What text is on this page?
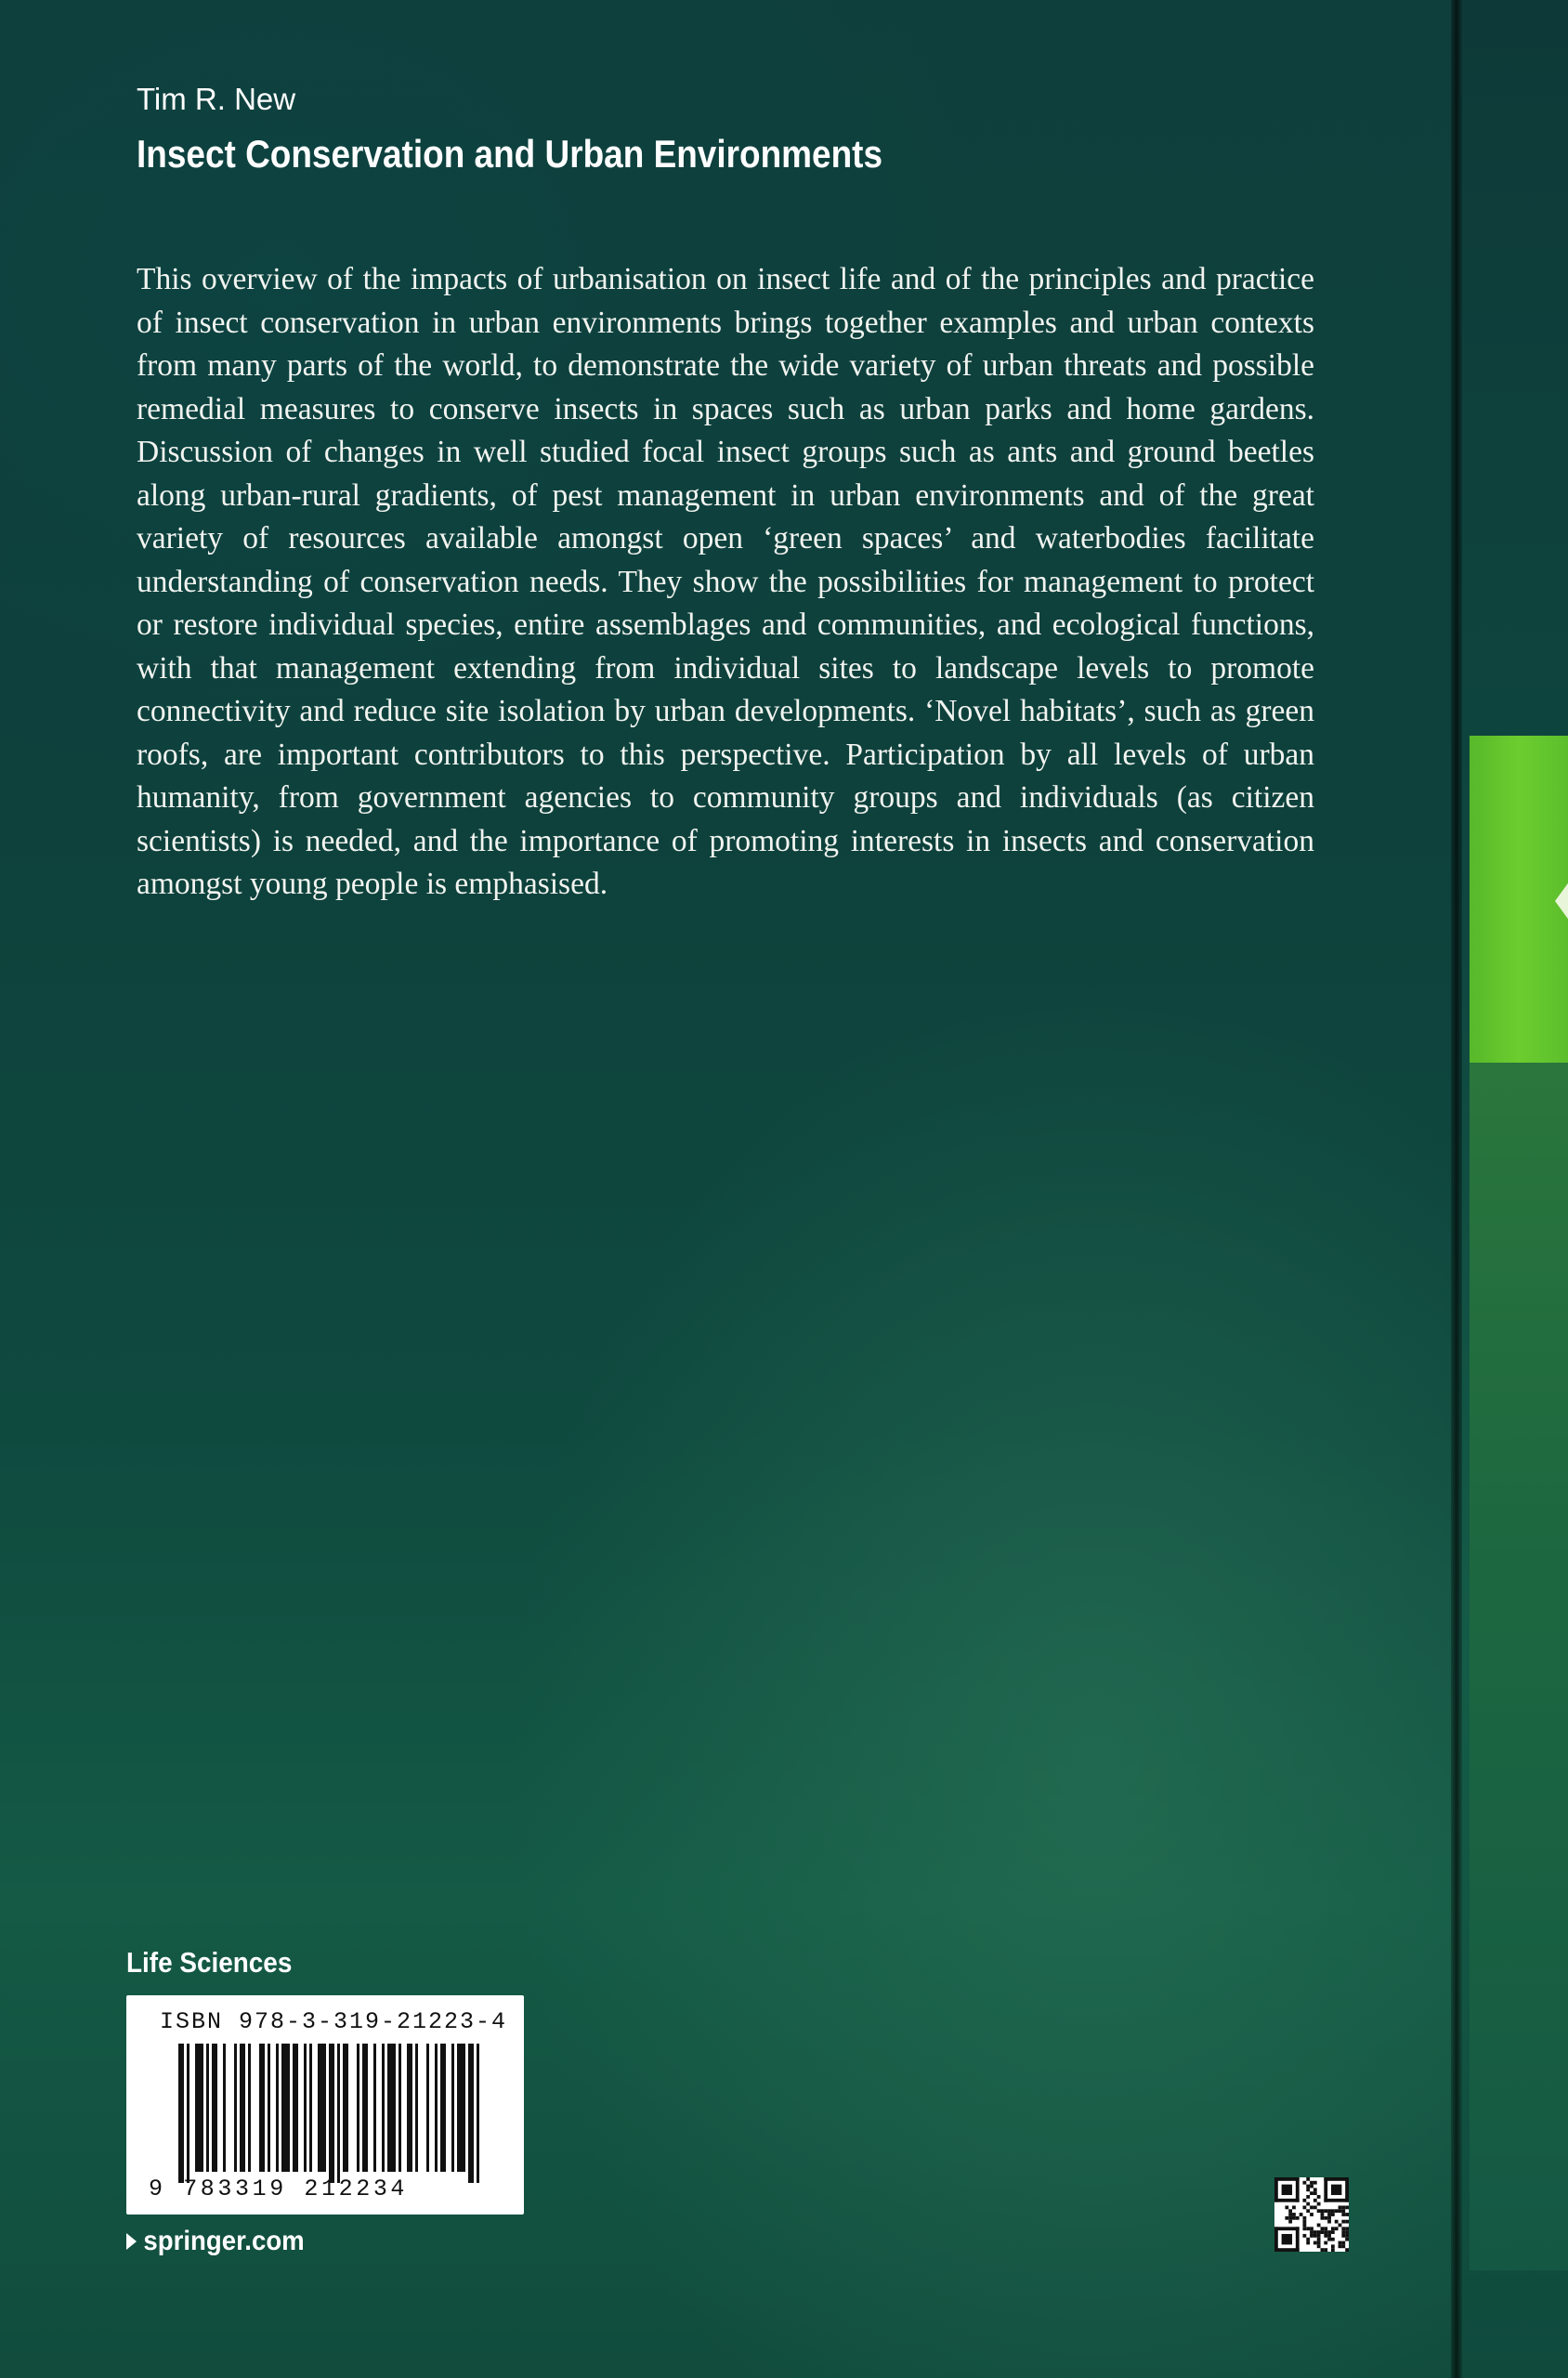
Tim R. New
Insect Conservation and Urban Environments
This overview of the impacts of urbanisation on insect life and of the principles and practice of insect conservation in urban environments brings together examples and urban contexts from many parts of the world, to demonstrate the wide variety of urban threats and possible remedial measures to conserve insects in spaces such as urban parks and home gardens. Discussion of changes in well studied focal insect groups such as ants and ground beetles along urban-rural gradients, of pest management in urban environments and of the great variety of resources available amongst open ‘green spaces’ and waterbodies facilitate understanding of conservation needs. They show the possibilities for management to protect or restore individual species, entire assemblages and communities, and ecological functions, with that management extending from individual sites to landscape levels to promote connectivity and reduce site isolation by urban developments. ‘Novel habitats’, such as green roofs, are important contributors to this perspective. Participation by all levels of urban humanity, from government agencies to community groups and individuals (as citizen scientists) is needed, and the importance of promoting interests in insects and conservation amongst young people is emphasised.
Life Sciences
ISBN 978-3-319-21223-4
9 783319 212234
springer.com
